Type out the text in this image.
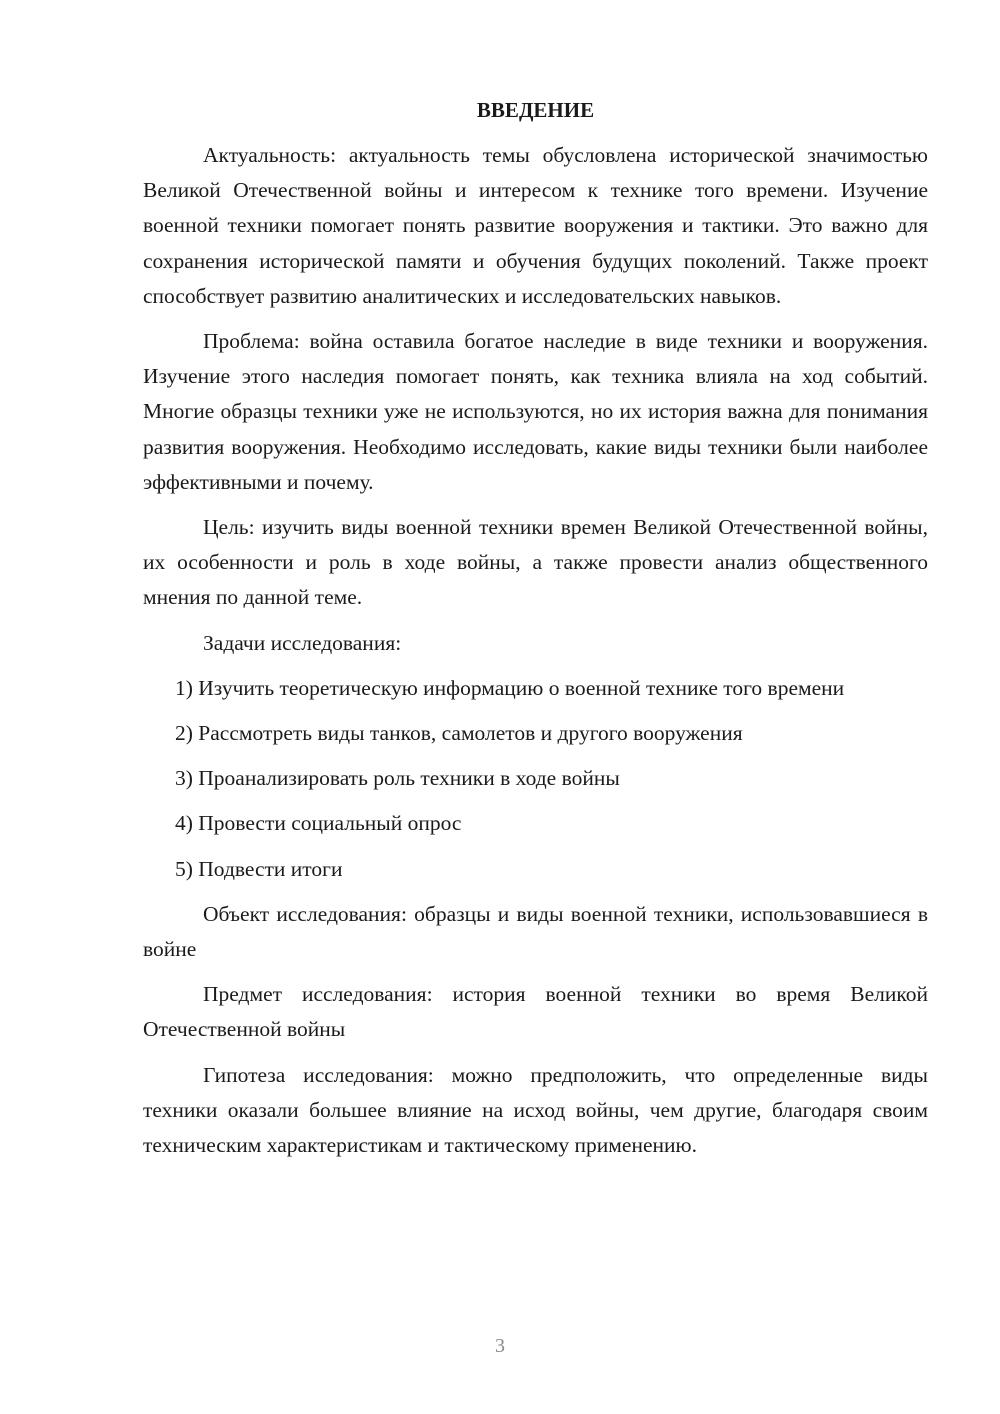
ВВЕДЕНИЕ

Актуальность: актуальность темы обусловлена исторической значимостью Великой Отечественной войны и интересом к технике того времени. Изучение военной техники помогает понять развитие вооружения и тактики. Это важно для сохранения исторической памяти и обучения будущих поколений. Также проект способствует развитию аналитических и исследовательских навыков.

Проблема: война оставила богатое наследие в виде техники и вооружения. Изучение этого наследия помогает понять, как техника влияла на ход событий. Многие образцы техники уже не используются, но их история важна для понимания развития вооружения. Необходимо исследовать, какие виды техники были наиболее эффективными и почему.

Цель: изучить виды военной техники времен Великой Отечественной войны, их особенности и роль в ходе войны, а также провести анализ общественного мнения по данной теме.

Задачи исследования:

1) Изучить теоретическую информацию о военной технике того времени

2) Рассмотреть виды танков, самолетов и другого вооружения

3) Проанализировать роль техники в ходе войны

4) Провести социальный опрос

5) Подвести итоги

Объект исследования: образцы и виды военной техники, использовавшиеся в войне

Предмет исследования: история военной техники во время Великой Отечественной войны

Гипотеза исследования: можно предположить, что определенные виды техники оказали большее влияние на исход войны, чем другие, благодаря своим техническим характеристикам и тактическому применению.

3
